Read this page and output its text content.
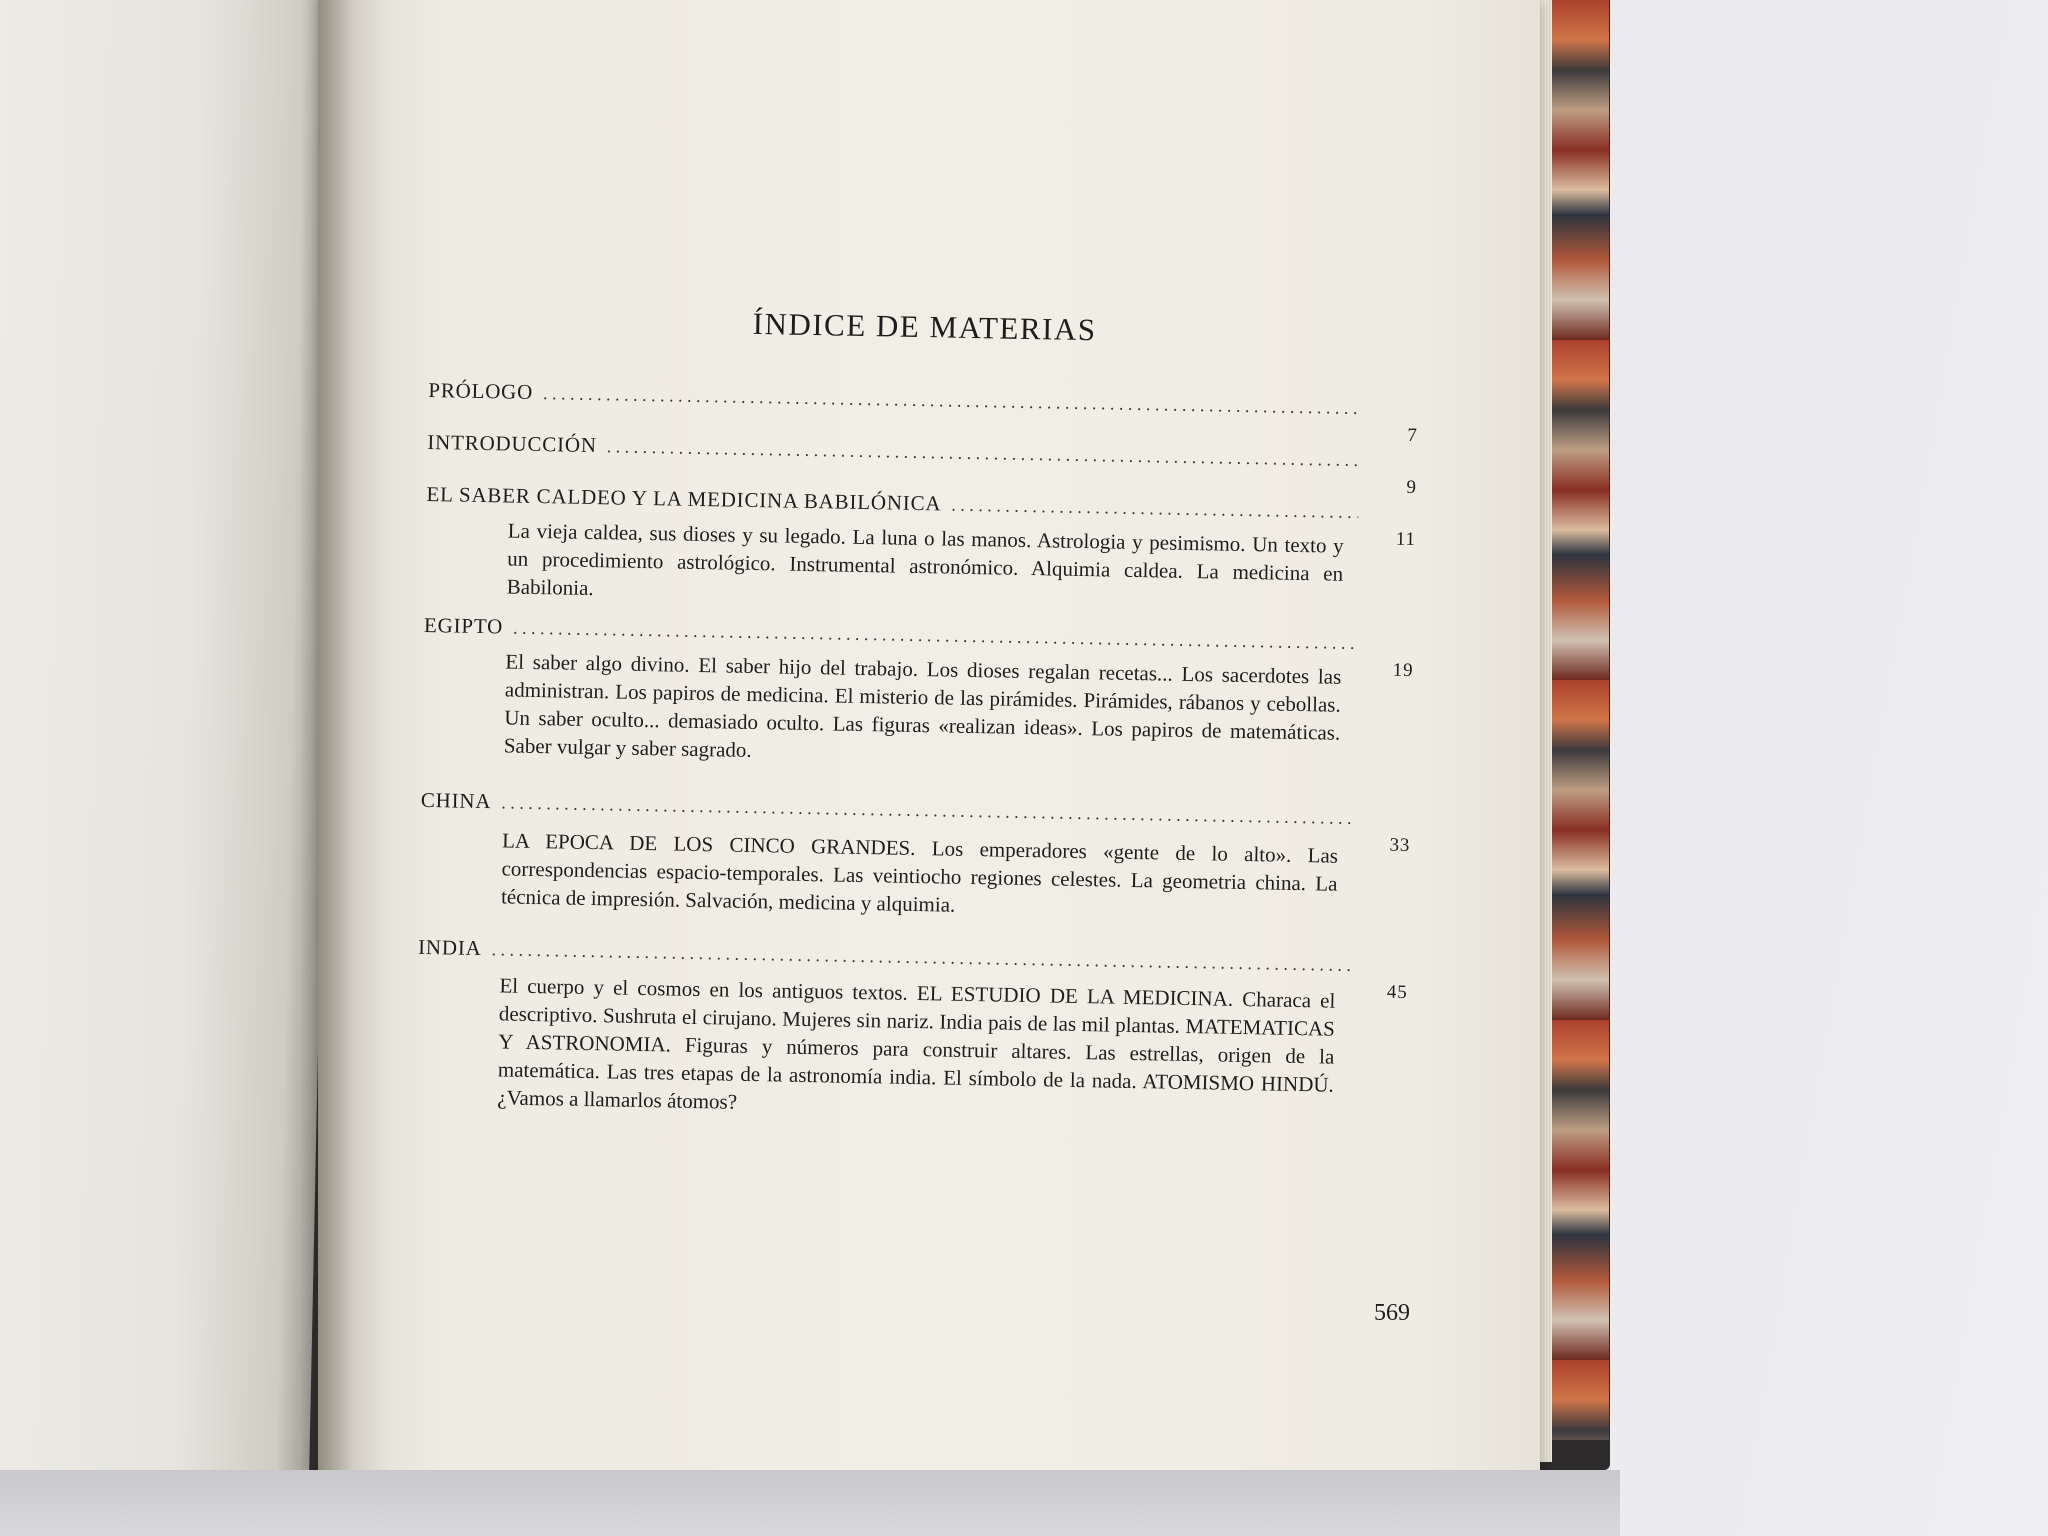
ÍNDICE DE MATERIAS
PRÓLOGO
. . .
7
INTRODUCCIÓN
. . .
9
EL SABER CALDEO Y LA MEDICINA BABILÓNICA
. . .
11
La vieja caldea, sus dioses y su legado. La luna o las manos. Astrologia y pesimismo. Un texto y un procedimiento astrológico. Instrumental astronómico. Alquimia caldea. La medicina en Babilonia.
EGIPTO
. . .
19
El saber algo divino. El saber hijo del trabajo. Los dioses regalan recetas... Los sacerdotes las administran. Los papiros de medicina. El misterio de las pirámides. Pirámides, rábanos y cebollas. Un saber oculto... demasiado oculto. Las figuras «realizan ideas». Los papiros de matemáticas. Saber vulgar y saber sagrado.
CHINA
. . .
33
LA EPOCA DE LOS CINCO GRANDES. Los emperadores «gente de lo alto». Las correspondencias espacio-temporales. Las veintiocho regiones celestes. La geometria china. La técnica de impresión. Salvación, medicina y alquimia.
INDIA
. . .
45
El cuerpo y el cosmos en los antiguos textos. EL ESTUDIO DE LA MEDICINA. Characa el descriptivo. Sushruta el cirujano. Mujeres sin nariz. India pais de las mil plantas. MATEMATICAS Y ASTRONOMIA. Figuras y números para construir altares. Las estrellas, origen de la matemática. Las tres etapas de la astronomía india. El símbolo de la nada. ATOMISMO HINDÚ. ¿Vamos a llamarlos átomos?
569
